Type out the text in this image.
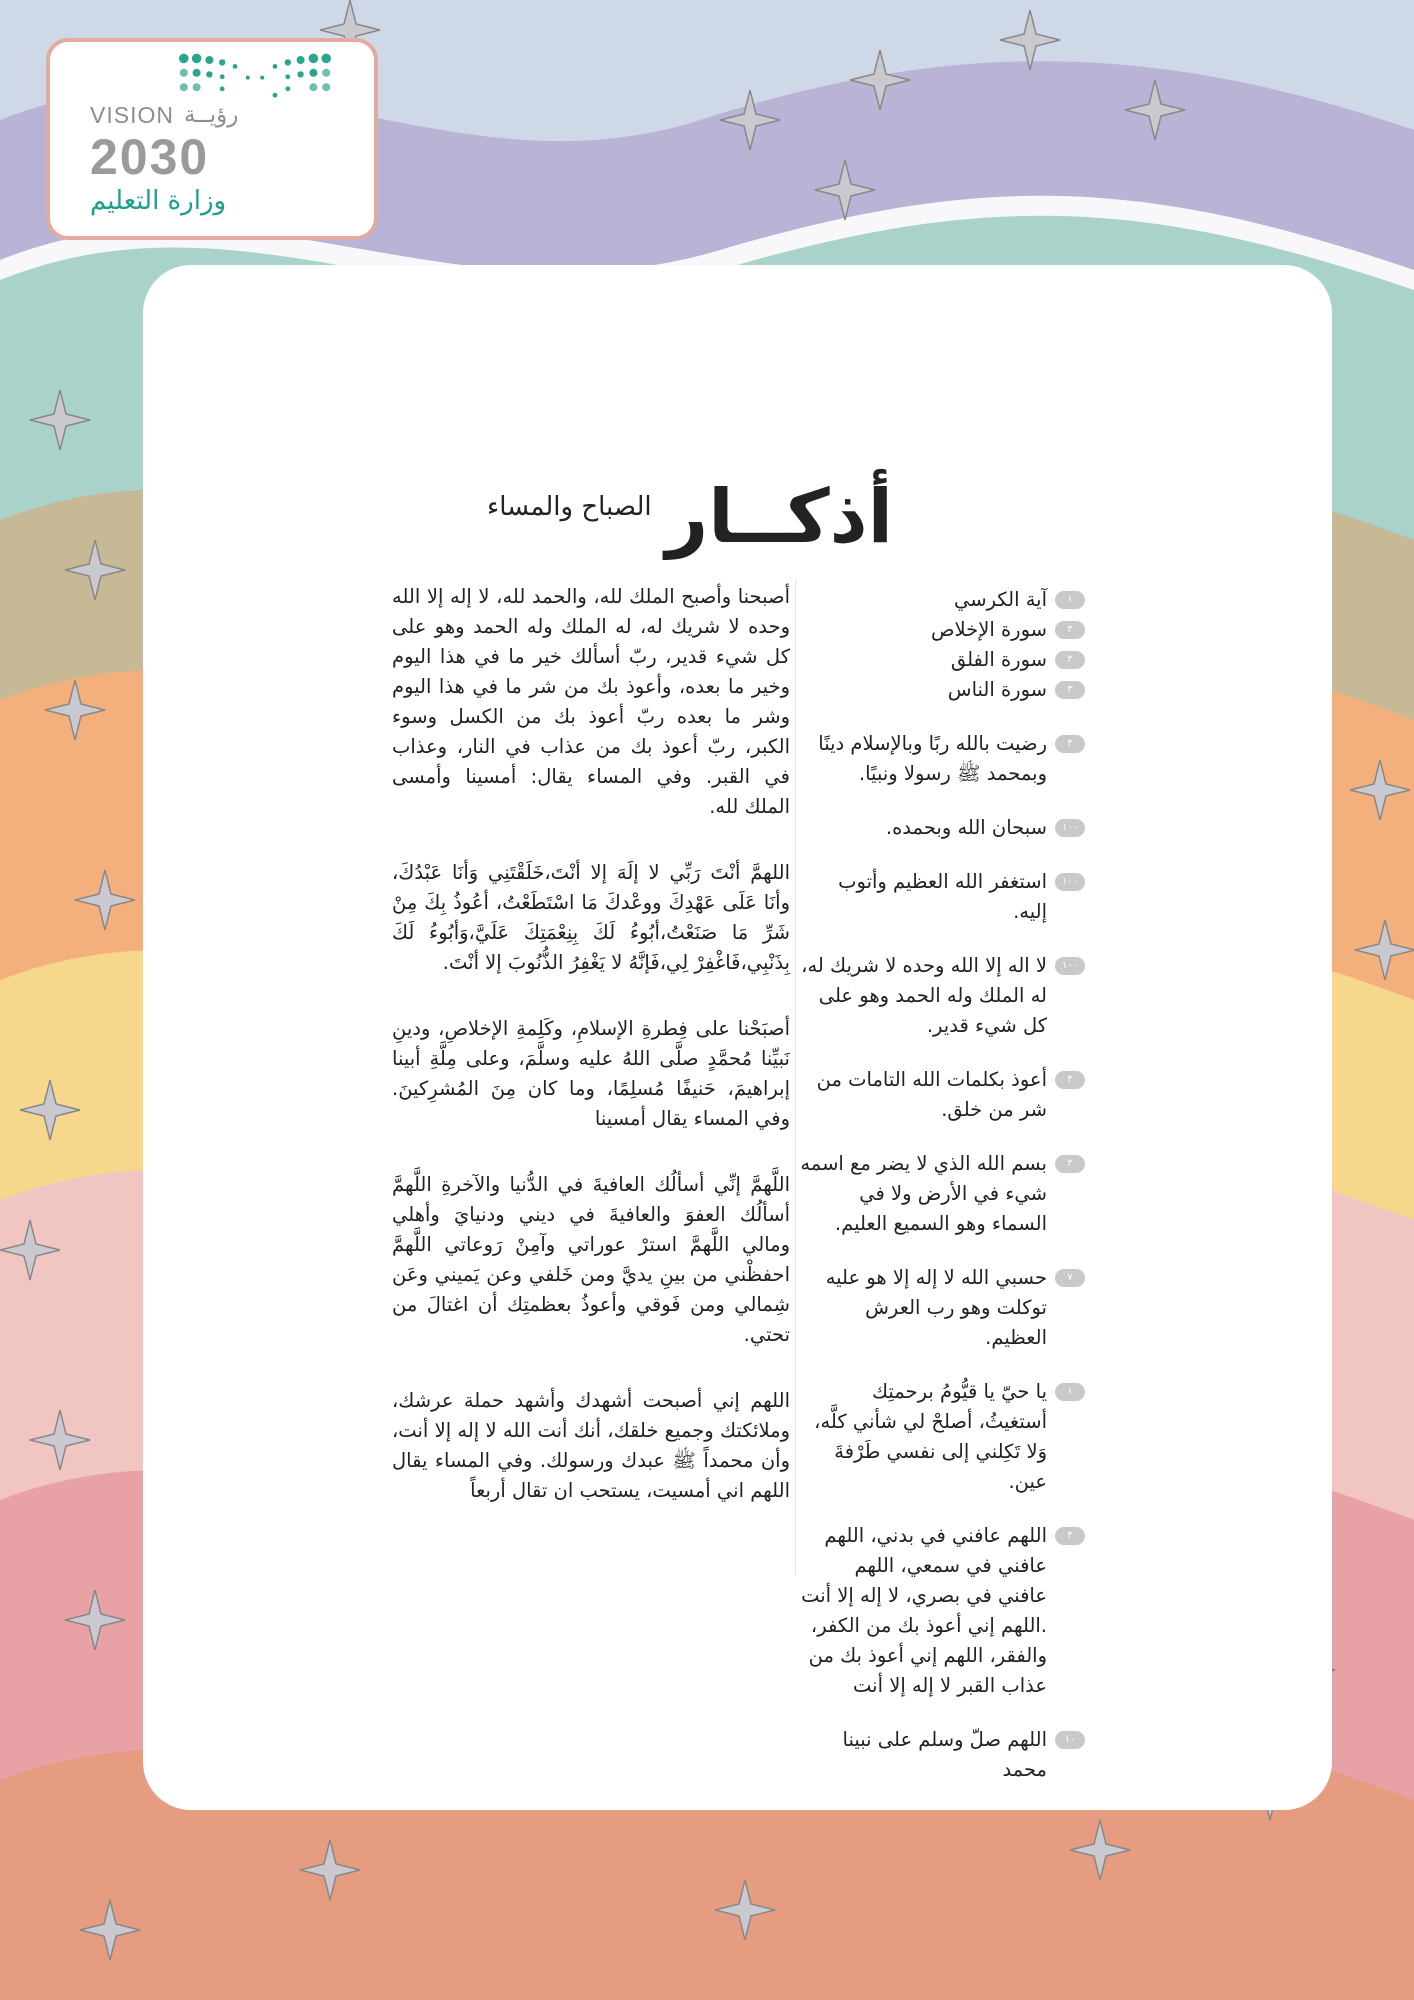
VISION رؤيــة
2030
وزارة التعليم
الصباح والمساء أذكــار

أصبحنا وأصبح الملك لله، والحمد لله، لا إله إلا الله وحده لا شريك له، له الملك وله الحمد وهو على كل شيء قدير، ربّ أسألك خير ما في هذا اليوم وخير ما بعده، وأعوذ بك من شر ما في هذا اليوم وشر ما بعده ربّ أعوذ بك من الكسل وسوء الكبر، ربّ أعوذ بك من عذاب في النار، وعذاب في القبر. وفي المساء يقال: أمسينا وأمسى الملك لله.

اللهمَّ أنْتَ رَبِّي لا إلَهَ إلا أنْتَ،خَلَقْتَنِي وَأنَا عَبْدُكَ، وأنَا عَلَى عَهْدِكَ ووعْدكَ مَا اسْتَطَعْتُ، أعُوذُ بِكَ مِنْ شَرِّ مَا صَنَعْتُ،أبُوءُ لَكَ بِنِعْمَتِكَ عَلَيَّ،وَأبُوءُ لَكَ بِذَنْبِي،فَاغْفِرْ لِي،فَإنَّهُ لا يَغْفِرُ الذُّنُوبَ إلا أنْتَ.

أصبَحْنا على فِطرةِ الإسلامِ، وكَلِمةِ الإخلاصِ، ودينِ نَبيِّنا مُحمَّدٍ صلَّى اللهُ عليه وسلَّمَ، وعلى مِلَّةِ أبينا إبراهيمَ، حَنيفًا مُسلِمًا، وما كان مِنَ المُشرِكينَ. وفي المساء يقال أمسينا

اللَّهمَّ إنِّي أسألُك العافيةَ في الدُّنيا والآخرةِ اللَّهمَّ أسألُك العفوَ والعافيةَ في ديني ودنيايَ وأهلي ومالي اللَّهمَّ استرْ عوراتي وآمِنْ رَوعاتي اللَّهمَّ احفظْني من بينِ يديَّ ومن خَلفي وعن يَميني وعَن شِمالي ومن فَوقي وأعوذُ بعظمتِك أن اغتالَ من تحتي.

اللهم إني أصبحت أشهدك وأشهد حملة عرشك، وملائكتك وجميع خلقك، أنك أنت الله لا إله إلا أنت، وأن محمداً ﷺ عبدك ورسولك. وفي المساء يقال اللهم اني أمسيت، يستحب ان تقال أربعاً

١
آية الكرسي
٣
سورة الإخلاص
٣
سورة الفلق
٣
سورة الناس
٣
رضيت بالله ربًا وبالإسلام دينًا وبمحمد ﷺ رسولا ونبيًا.
١٠٠
سبحان الله وبحمده.
١٠٠
استغفر الله العظيم وأتوب إليه.
١٠٠
لا اله إلا الله وحده لا شريك له، له الملك وله الحمد وهو على كل شيء قدير.
٣
أعوذ بكلمات الله التامات من شر من خلق.
٣
بسم الله الذي لا يضر مع اسمه شيء في الأرض ولا في السماء وهو السميع العليم.
٧
حسبي الله لا إله إلا هو عليه توكلت وهو رب العرش العظيم.
١
يا حيّ يا قيُّومُ برحمتِك أستغيثُ، أصلحْ لي شأني كلَّه، وَلا تَكِلني إلى نفسي طَرْفةَ عين.
٣
اللهم عافني في بدني، اللهم عافني في سمعي، اللهم عافني في بصري، لا إله إلا أنت .اللهم إني أعوذ بك من الكفر، والفقر، اللهم إني أعوذ بك من عذاب القبر لا إله إلا أنت
١٠
اللهم صلّ وسلم على نبينا محمد
